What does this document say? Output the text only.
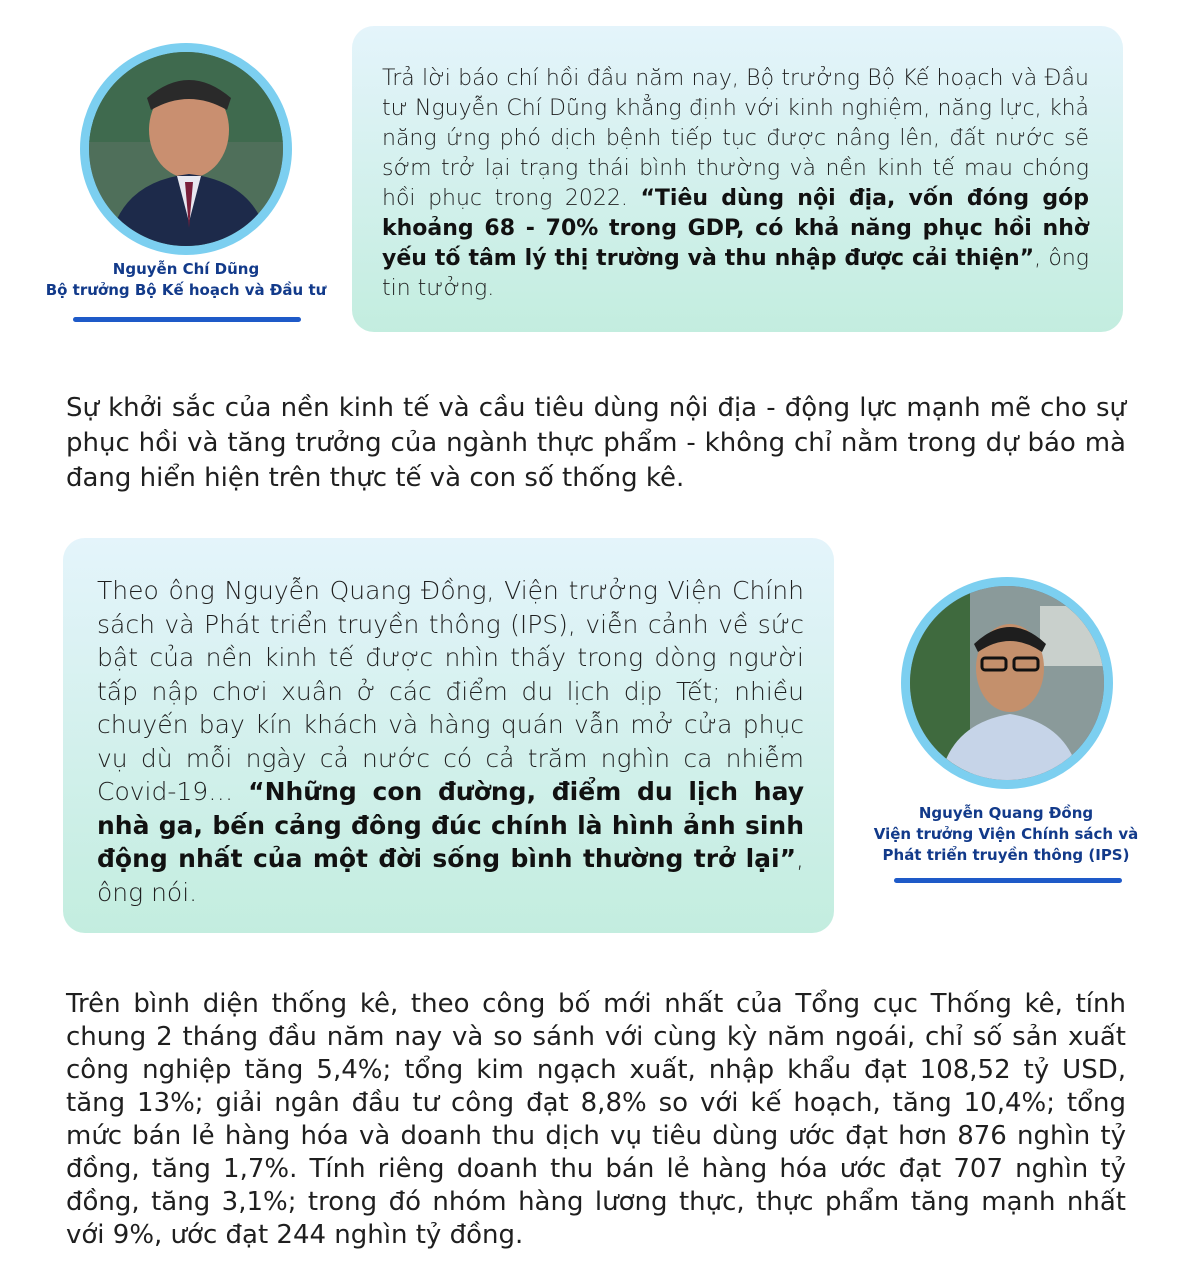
Nguyễn Chí Dũng
Bộ trưởng Bộ Kế hoạch và Đầu tư
Trả lời báo chí hồi đầu năm nay, Bộ trưởng Bộ Kế hoạch và Đầu tư Nguyễn Chí Dũng khẳng định với kinh nghiệm, năng lực, khả năng ứng phó dịch bệnh tiếp tục được nâng lên, đất nước sẽ sớm trở lại trạng thái bình thường và nền kinh tế mau chóng hồi phục trong 2022. “Tiêu dùng nội địa, vốn đóng góp khoảng 68 - 70% trong GDP, có khả năng phục hồi nhờ yếu tố tâm lý thị trường và thu nhập được cải thiện”, ông tin tưởng.
Sự khởi sắc của nền kinh tế và cầu tiêu dùng nội địa - động lực mạnh mẽ cho sự phục hồi và tăng trưởng của ngành thực phẩm - không chỉ nằm trong dự báo mà đang hiển hiện trên thực tế và con số thống kê.
Theo ông Nguyễn Quang Đồng, Viện trưởng Viện Chính sách và Phát triển truyền thông (IPS), viễn cảnh về sức bật của nền kinh tế được nhìn thấy trong dòng người tấp nập chơi xuân ở các điểm du lịch dịp Tết; nhiều chuyến bay kín khách và hàng quán vẫn mở cửa phục vụ dù mỗi ngày cả nước có cả trăm nghìn ca nhiễm Covid-19… “Những con đường, điểm du lịch hay nhà ga, bến cảng đông đúc chính là hình ảnh sinh động nhất của một đời sống bình thường trở lại”, ông nói.
Nguyễn Quang Đồng
Viện trưởng Viện Chính sách và
Phát triển truyền thông (IPS)
Trên bình diện thống kê, theo công bố mới nhất của Tổng cục Thống kê, tính chung 2 tháng đầu năm nay và so sánh với cùng kỳ năm ngoái, chỉ số sản xuất công nghiệp tăng 5,4%; tổng kim ngạch xuất, nhập khẩu đạt 108,52 tỷ USD, tăng 13%; giải ngân đầu tư công đạt 8,8% so với kế hoạch, tăng 10,4%; tổng mức bán lẻ hàng hóa và doanh thu dịch vụ tiêu dùng ước đạt hơn 876 nghìn tỷ đồng, tăng 1,7%. Tính riêng doanh thu bán lẻ hàng hóa ước đạt 707 nghìn tỷ đồng, tăng 3,1%; trong đó nhóm hàng lương thực, thực phẩm tăng mạnh nhất với 9%, ước đạt 244 nghìn tỷ đồng.
